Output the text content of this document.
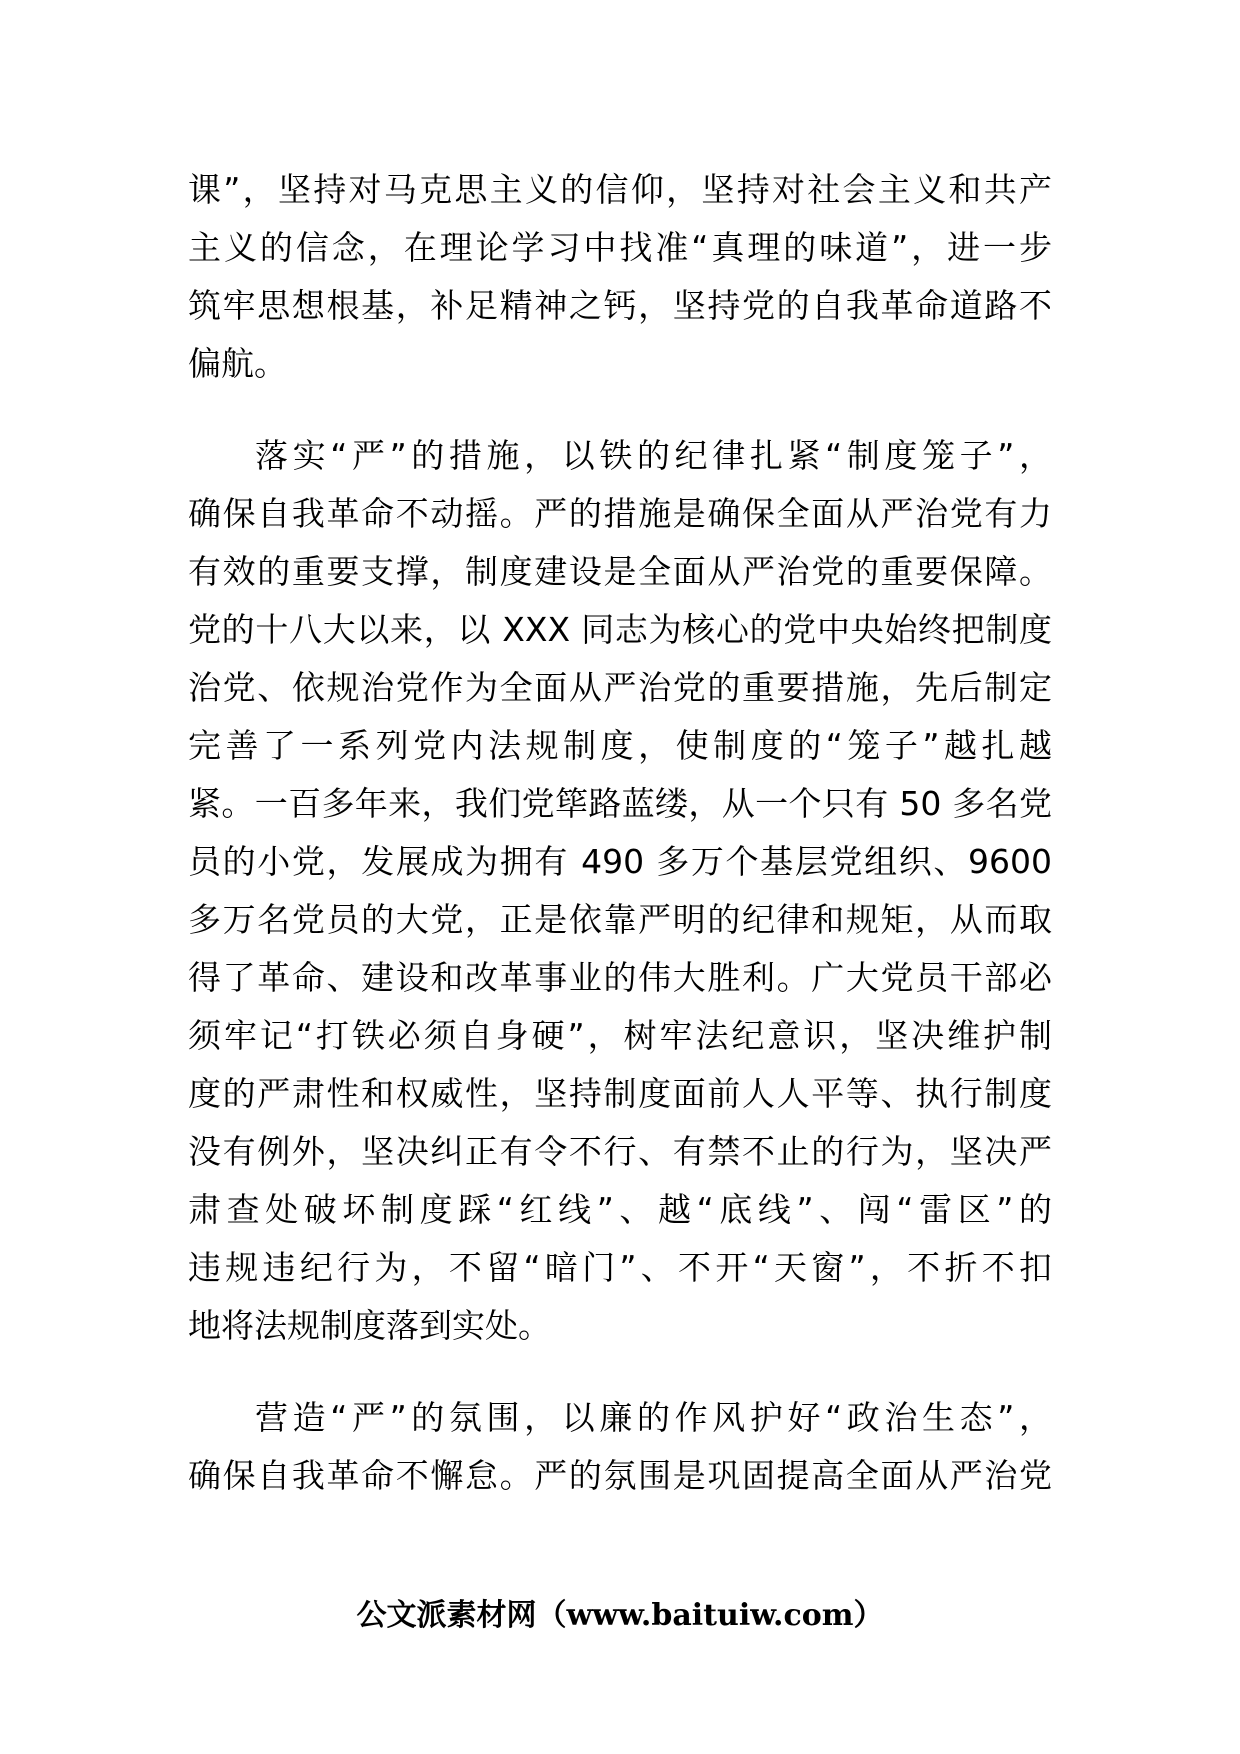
课”，坚持对马克思主义的信仰，坚持对社会主义和共产
主义的信念，在理论学习中找准“真理的味道”，进一步
筑牢思想根基，补足精神之钙，坚持党的自我革命道路不
偏航。
落实“严”的措施，以铁的纪律扎紧“制度笼子”，
确保自我革命不动摇。严的措施是确保全面从严治党有力
有效的重要支撑，制度建设是全面从严治党的重要保障。
党的十八大以来，以 XXX 同志为核心的党中央始终把制度
治党、依规治党作为全面从严治党的重要措施，先后制定
完善了一系列党内法规制度，使制度的“笼子”越扎越
紧。一百多年来，我们党筚路蓝缕，从一个只有 50 多名党
员的小党，发展成为拥有 490 多万个基层党组织、9600
多万名党员的大党，正是依靠严明的纪律和规矩，从而取
得了革命、建设和改革事业的伟大胜利。广大党员干部必
须牢记“打铁必须自身硬”，树牢法纪意识，坚决维护制
度的严肃性和权威性，坚持制度面前人人平等、执行制度
没有例外，坚决纠正有令不行、有禁不止的行为，坚决严
肃查处破坏制度踩“红线”、越“底线”、闯“雷区”的
违规违纪行为，不留“暗门”、不开“天窗”，不折不扣
地将法规制度落到实处。
营造“严”的氛围，以廉的作风护好“政治生态”，
确保自我革命不懈怠。严的氛围是巩固提高全面从严治党
公文派素材网（www.baituiw.com）
